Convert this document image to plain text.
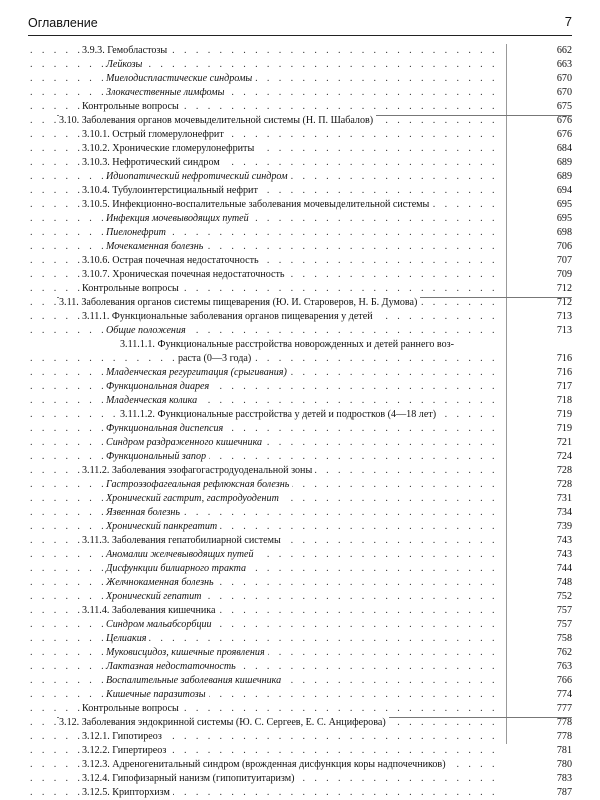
Оглавление	7
3.9.3. Гемобластозы . . .	662
Лейкозы . . .	663
Миелодиспластические синдромы . . .	670
Злокачественные лимфомы . . .	670
Контрольные вопросы . . .	675
3.10. Заболевания органов мочевыделительной системы (Н. П. Шабалов) . . .	676
3.10.1. Острый гломерулонефрит . . .	676
3.10.2. Хронические гломерулонефриты . . .	684
3.10.3. Нефротический синдром . . .	689
Идиопатический нефротический синдром . . .	689
3.10.4. Тубулоинтерстициальный нефрит . . .	694
3.10.5. Инфекционно-воспалительные заболевания мочевыделительной системы . . .	695
Инфекция мочевыводящих путей . . .	695
Пиелонефрит . . .	698
Мочекаменная болезнь . . .	706
3.10.6. Острая почечная недостаточность . . .	707
3.10.7. Хроническая почечная недостаточность . . .	709
Контрольные вопросы . . .	712
3.11. Заболевания органов системы пищеварения (Ю. И. Староверов, Н. Б. Думова) . . .	712
3.11.1. Функциональные заболевания органов пищеварения у детей . . .	713
Общие положения . . .	713
3.11.1.1. Функциональные расстройства новорожденных и детей раннего воз-
раста (0—3 года) . . .	716
Младенческая регургитация (срыгивания) . . .	716
Функциональная диарея . . .	717
Младенческая колика . . .	718
3.11.1.2. Функциональные расстройства у детей и подростков (4—18 лет) . . .	719
Функциональная диспепсия . . .	719
Синдром раздраженного кишечника . . .	721
Функциональный запор . . .	724
3.11.2. Заболевания эзофагогастродуоденальной зоны . . .	728
Гастроэзофагеальная рефлюксная болезнь . . .	728
Хронический гастрит, гастродуоденит . . .	731
Язвенная болезнь . . .	734
Хронический панкреатит . . .	739
3.11.3. Заболевания гепатобилиарной системы . . .	743
Аномалии желчевыводящих путей . . .	743
Дисфункции билиарного тракта . . .	744
Желчнокаменная болезнь . . .	748
Хронический гепатит . . .	752
3.11.4. Заболевания кишечника . . .	757
Синдром мальабсорбции . . .	757
Целиакия . . .	758
Муковисцидоз, кишечные проявления . . .	762
Лактазная недостаточность . . .	763
Воспалительные заболевания кишечника . . .	766
Кишечные паразитозы . . .	774
Контрольные вопросы . . .	777
3.12. Заболевания эндокринной системы (Ю. С. Сергеев, Е. С. Анциферова) . . .	778
3.12.1. Гипотиреоз . . .	778
3.12.2. Гипертиреоз . . .	781
3.12.3. Адреногенитальный синдром (врожденная дисфункция коры надпочечников) . . .	780
3.12.4. Гипофизарный нанизм (гипопитуитаризм) . . .	783
3.12.5. Крипторхизм . . .	787
